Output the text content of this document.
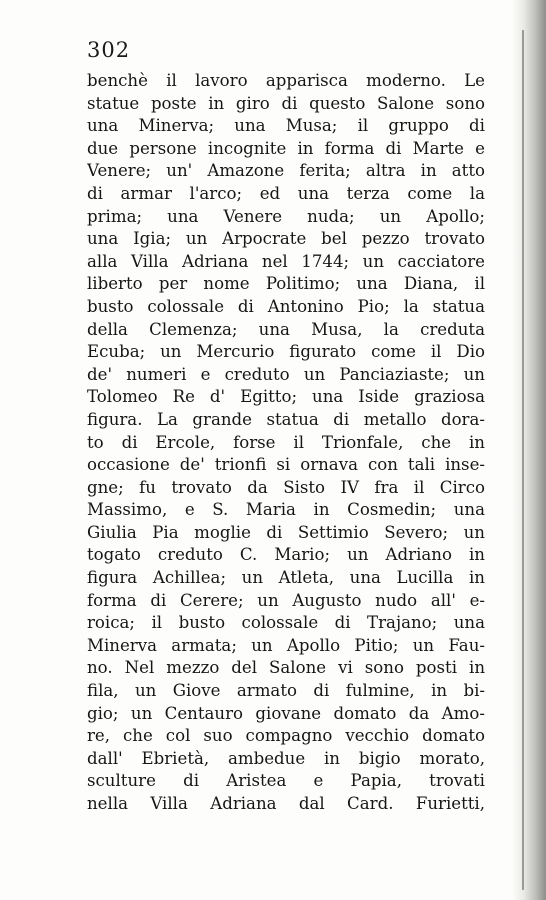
302
benchè il lavoro apparisca moderno. Le
statue poste in giro di questo Salone sono
una Minerva; una Musa; il gruppo di
due persone incognite in forma di Marte e
Venere; un' Amazone ferita; altra in atto
di armar l'arco; ed una terza come la
prima; una Venere nuda; un Apollo;
una Igia; un Arpocrate bel pezzo trovato
alla Villa Adriana nel 1744; un cacciatore
liberto per nome Politimo; una Diana, il
busto colossale di Antonino Pio; la statua
della Clemenza; una Musa, la creduta
Ecuba; un Mercurio figurato come il Dio
de' numeri e creduto un Panciaziaste; un
Tolomeo Re d' Egitto; una Iside graziosa
figura. La grande statua di metallo dora-
to di Ercole, forse il Trionfale, che in
occasione de' trionfi si ornava con tali inse-
gne; fu trovato da Sisto IV fra il Circo
Massimo, e S. Maria in Cosmedin; una
Giulia Pia moglie di Settimio Severo; un
togato creduto C. Mario; un Adriano in
figura Achillea; un Atleta, una Lucilla in
forma di Cerere; un Augusto nudo all' e-
roica; il busto colossale di Trajano; una
Minerva armata; un Apollo Pitio; un Fau-
no. Nel mezzo del Salone vi sono posti in
fila, un Giove armato di fulmine, in bi-
gio; un Centauro giovane domato da Amo-
re, che col suo compagno vecchio domato
dall' Ebrietà, ambedue in bigio morato,
sculture di Aristea e Papia, trovati
nella Villa Adriana dal Card. Furietti,
